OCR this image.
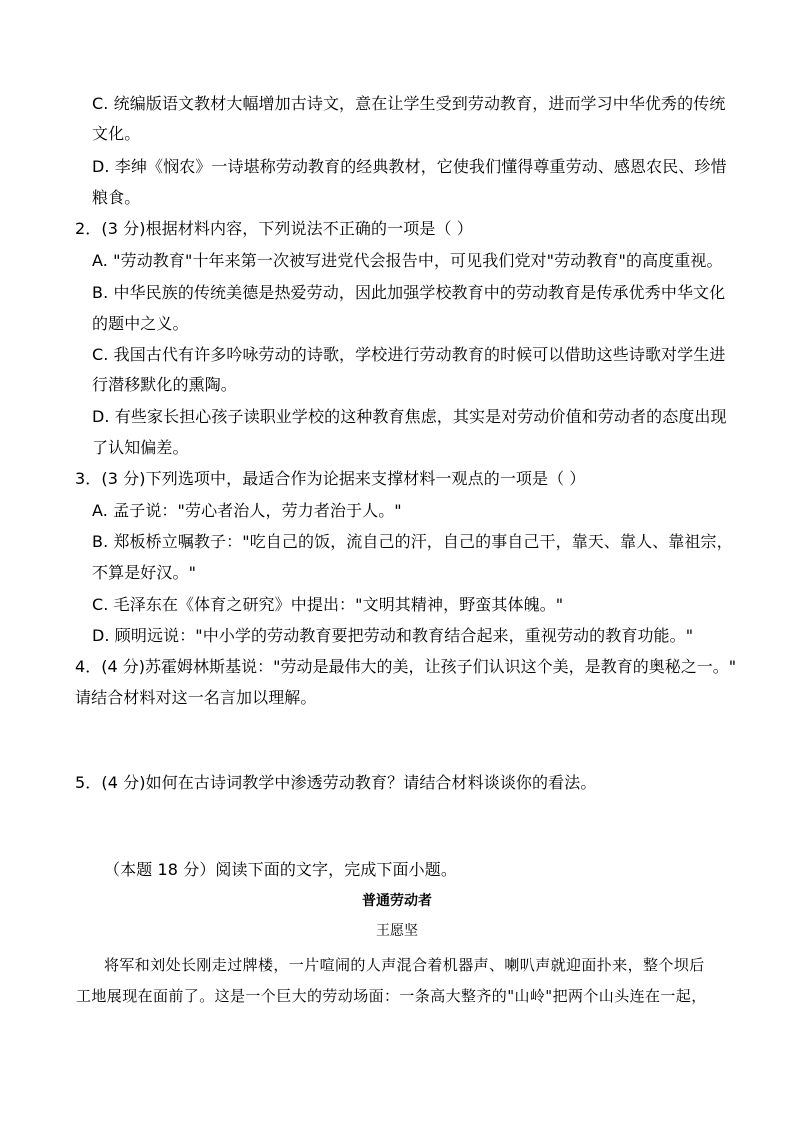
C. 统编版语文教材大幅增加古诗文，意在让学生受到劳动教育，进而学习中华优秀的传统
文化。
D. 李绅《悯农》一诗堪称劳动教育的经典教材，它使我们懂得尊重劳动、感恩农民、珍惜
粮食。
2．(3 分)根据材料内容，下列说法不正确的一项是（ ）
A. "劳动教育"十年来第一次被写进党代会报告中，可见我们党对"劳动教育"的高度重视。
B. 中华民族的传统美德是热爱劳动，因此加强学校教育中的劳动教育是传承优秀中华文化
的题中之义。
C. 我国古代有许多吟咏劳动的诗歌，学校进行劳动教育的时候可以借助这些诗歌对学生进
行潜移默化的熏陶。
D. 有些家长担心孩子读职业学校的这种教育焦虑，其实是对劳动价值和劳动者的态度出现
了认知偏差。
3．(3 分)下列选项中，最适合作为论据来支撑材料一观点的一项是（ ）
A. 孟子说："劳心者治人，劳力者治于人。"
B. 郑板桥立嘱教子："吃自己的饭，流自己的汗，自己的事自己干，靠天、靠人、靠祖宗，
不算是好汉。"
C. 毛泽东在《体育之研究》中提出："文明其精神，野蛮其体魄。"
D. 顾明远说："中小学的劳动教育要把劳动和教育结合起来，重视劳动的教育功能。"
4．(4 分)苏霍姆林斯基说："劳动是最伟大的美，让孩子们认识这个美，是教育的奥秘之一。"
请结合材料对这一名言加以理解。
5．(4 分)如何在古诗词教学中渗透劳动教育？请结合材料谈谈你的看法。
（本题 18 分）阅读下面的文字，完成下面小题。
普通劳动者
王愿坚
将军和刘处长刚走过牌楼，一片喧闹的人声混合着机器声、喇叭声就迎面扑来，整个坝后
工地展现在面前了。这是一个巨大的劳动场面：一条高大整齐的"山岭"把两个山头连在一起，
